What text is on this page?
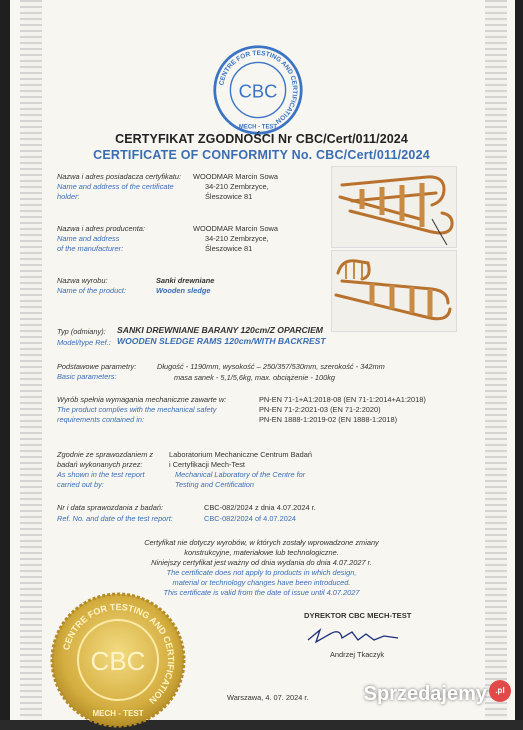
CENTRE FOR TESTING AND CERTIFICATION
CBC
MECH - TEST
CERTYFIKAT ZGODNOŚCI Nr CBC/Cert/011/2024
CERTIFICATE OF CONFORMITY No. CBC/Cert/011/2024
Nazwa i adres posiadacza certyfikatu:
Name and address of the certificate
holder:
WOODMAR Marcin Sowa
34-210 Zembrzyce,
Śleszowice 81
Nazwa i adres producenta:
Name and address
of the manufacturer:
WOODMAR Marcin Sowa
34-210 Zembrzyce,
Śleszowice 81
Nazwa wyrobu:
Name of the product:
Sanki drewniane
Wooden sledge
Typ (odmiany):
Model/type Ref.:
SANKI DREWNIANE BARANY 120cm/Z OPARCIEM
WOODEN SLEDGE RAMS 120cm/WITH BACKREST
Podstawowe parametry:
Basic parameters:
Długość - 1190mm, wysokość – 250/357/530mm, szerokość - 342mm
masa sanek - 5,1/5,6kg, max. obciążenie - 100kg
Wyrób spełnia wymagania mechaniczne zawarte w:
The product complies with the mechanical safety
requirements contained in:
PN-EN 71-1+A1:2018-08 (EN 71-1:2014+A1:2018)
PN-EN 71-2:2021-03 (EN 71-2:2020)
PN-EN 1888-1:2019-02 (EN 1888-1:2018)
Zgodnie ze sprawozdaniem z
badań wykonanych przez:
As shown in the test report
carried out by:
Laboratorium Mechaniczne Centrum Badań
i Certyfikacji Mech-Test
Mechanical Laboratory of the Centre for
Testing and Certification
Nr i data sprawozdania z badań:
Ref. No. and date of the test report:
CBC-082/2024 z dnia 4.07.2024 r.
CBC-082/2024 of 4.07.2024
Certyfikat nie dotyczy wyrobów, w których zostały wprowadzone zmiany
konstrukcyjne, materiałowe lub technologiczne.
Niniejszy certyfikat jest ważny od dnia wydania do dnia 4.07.2027 r.
The certificate does not apply to products in which design,
material or technology changes have been introduced.
This certificate is valid from the date of issue until 4.07.2027
CENTRE FOR TESTING AND CERTIFICATION
CBC
MECH - TEST
DYREKTOR CBC MECH-TEST
Andrzej Tkaczyk
Warszawa, 4. 07. 2024 r.	Sprzedajemy	.pl
